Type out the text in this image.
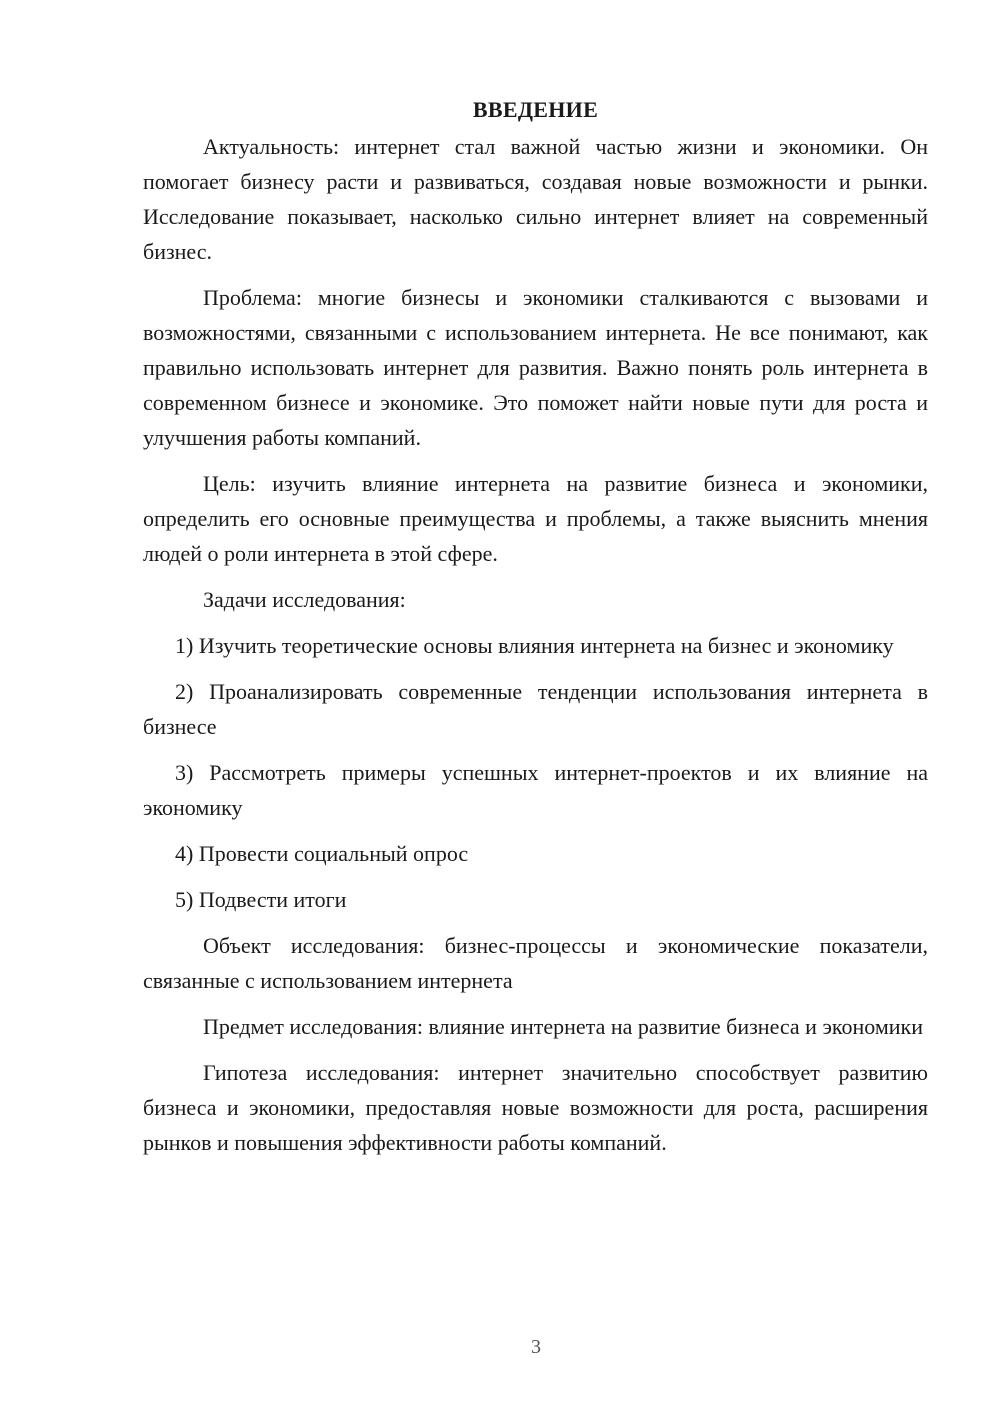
ВВЕДЕНИЕ

Актуальность: интернет стал важной частью жизни и экономики. Он помогает бизнесу расти и развиваться, создавая новые возможности и рынки. Исследование показывает, насколько сильно интернет влияет на современный бизнес.

Проблема: многие бизнесы и экономики сталкиваются с вызовами и возможностями, связанными с использованием интернета. Не все понимают, как правильно использовать интернет для развития. Важно понять роль интернета в современном бизнесе и экономике. Это поможет найти новые пути для роста и улучшения работы компаний.

Цель: изучить влияние интернета на развитие бизнеса и экономики, определить его основные преимущества и проблемы, а также выяснить мнения людей о роли интернета в этой сфере.

Задачи исследования:

1) Изучить теоретические основы влияния интернета на бизнес и экономику

2) Проанализировать современные тенденции использования интернета в бизнесе

3) Рассмотреть примеры успешных интернет-проектов и их влияние на экономику

4) Провести социальный опрос

5) Подвести итоги

Объект исследования: бизнес-процессы и экономические показатели, связанные с использованием интернета

Предмет исследования: влияние интернета на развитие бизнеса и экономики

Гипотеза исследования: интернет значительно способствует развитию бизнеса и экономики, предоставляя новые возможности для роста, расширения рынков и повышения эффективности работы компаний.

3
